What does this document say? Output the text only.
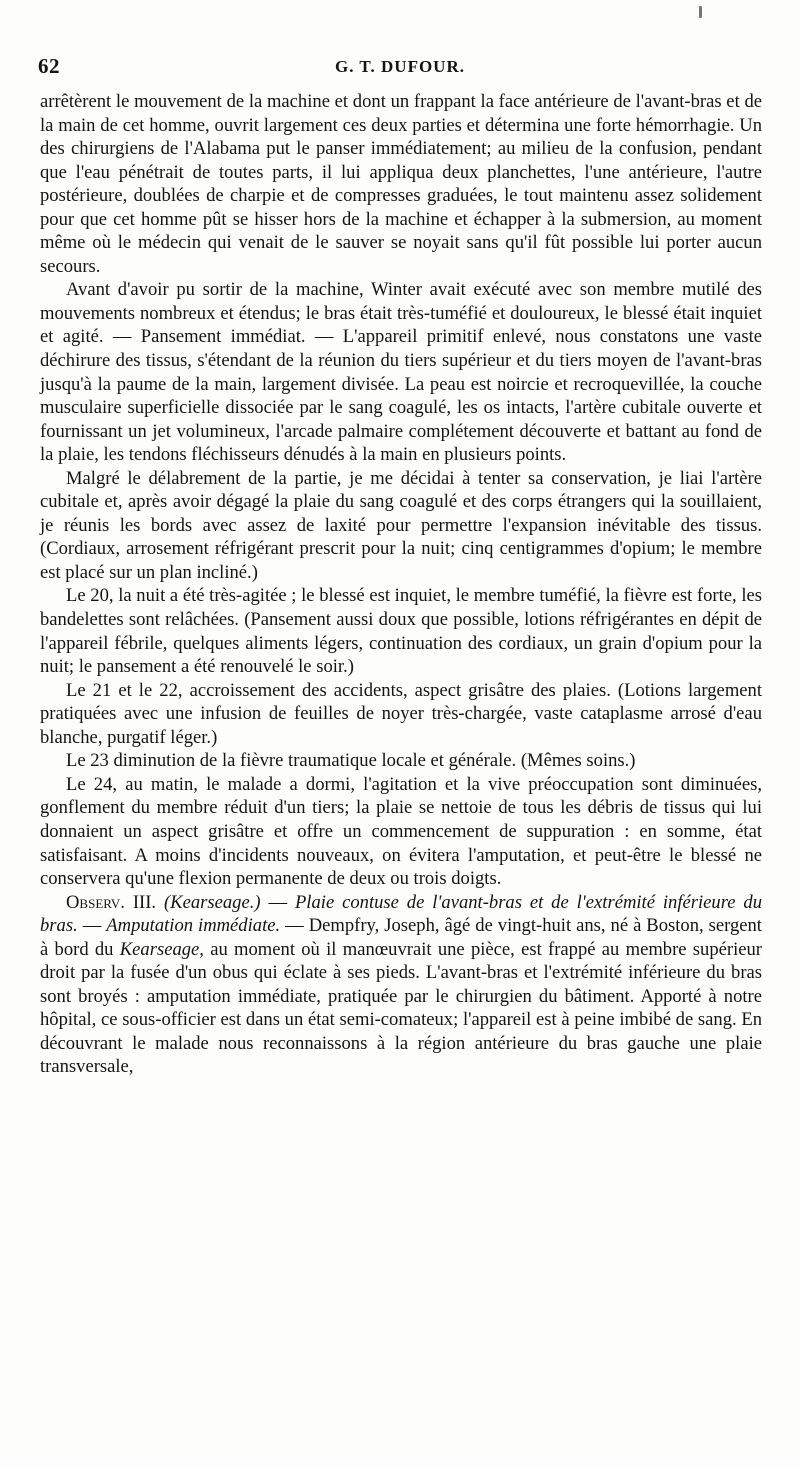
62	G. T. DUFOUR.

arrêtèrent le mouvement de la machine et dont un frappant la face antérieure de l'avant-bras et de la main de cet homme, ouvrit largement ces deux parties et détermina une forte hémorrhagie. Un des chirurgiens de l'Alabama put le panser immédiatement; au milieu de la confusion, pendant que l'eau pénétrait de toutes parts, il lui appliqua deux planchettes, l'une antérieure, l'autre postérieure, doublées de charpie et de compresses graduées, le tout maintenu assez solidement pour que cet homme pût se hisser hors de la machine et échapper à la submersion, au moment même où le médecin qui venait de le sauver se noyait sans qu'il fût possible lui porter aucun secours.

Avant d'avoir pu sortir de la machine, Winter avait exécuté avec son membre mutilé des mouvements nombreux et étendus; le bras était très-tuméfié et douloureux, le blessé était inquiet et agité. — Pansement immédiat. — L'appareil primitif enlevé, nous constatons une vaste déchirure des tissus, s'étendant de la réunion du tiers supérieur et du tiers moyen de l'avant-bras jusqu'à la paume de la main, largement divisée. La peau est noircie et recroquevillée, la couche musculaire superficielle dissociée par le sang coagulé, les os intacts, l'artère cubitale ouverte et fournissant un jet volumineux, l'arcade palmaire complétement découverte et battant au fond de la plaie, les tendons fléchisseurs dénudés à la main en plusieurs points.

Malgré le délabrement de la partie, je me décidai à tenter sa conservation, je liai l'artère cubitale et, après avoir dégagé la plaie du sang coagulé et des corps étrangers qui la souillaient, je réunis les bords avec assez de laxité pour permettre l'expansion inévitable des tissus. (Cordiaux, arrosement réfrigérant prescrit pour la nuit; cinq centigrammes d'opium; le membre est placé sur un plan incliné.)

Le 20, la nuit a été très-agitée ; le blessé est inquiet, le membre tuméfié, la fièvre est forte, les bandelettes sont relâchées. (Pansement aussi doux que possible, lotions réfrigérantes en dépit de l'appareil fébrile, quelques aliments légers, continuation des cordiaux, un grain d'opium pour la nuit; le pansement a été renouvelé le soir.)

Le 21 et le 22, accroissement des accidents, aspect grisâtre des plaies. (Lotions largement pratiquées avec une infusion de feuilles de noyer très-chargée, vaste cataplasme arrosé d'eau blanche, purgatif léger.)

Le 23 diminution de la fièvre traumatique locale et générale. (Mêmes soins.)

Le 24, au matin, le malade a dormi, l'agitation et la vive préoccupation sont diminuées, gonflement du membre réduit d'un tiers; la plaie se nettoie de tous les débris de tissus qui lui donnaient un aspect grisâtre et offre un commencement de suppuration : en somme, état satisfaisant. A moins d'incidents nouveaux, on évitera l'amputation, et peut-être le blessé ne conservera qu'une flexion permanente de deux ou trois doigts.

Observ. III. (Kearseage.) — Plaie contuse de l'avant-bras et de l'extrémité inférieure du bras. — Amputation immédiate. — Dempfry, Joseph, âgé de vingt-huit ans, né à Boston, sergent à bord du Kearseage, au moment où il manœuvrait une pièce, est frappé au membre supérieur droit par la fusée d'un obus qui éclate à ses pieds. L'avant-bras et l'extrémité inférieure du bras sont broyés : amputation immédiate, pratiquée par le chirurgien du bâtiment. Apporté à notre hôpital, ce sous-officier est dans un état semi-comateux; l'appareil est à peine imbibé de sang. En découvrant le malade nous reconnaissons à la région antérieure du bras gauche une plaie transversale,
